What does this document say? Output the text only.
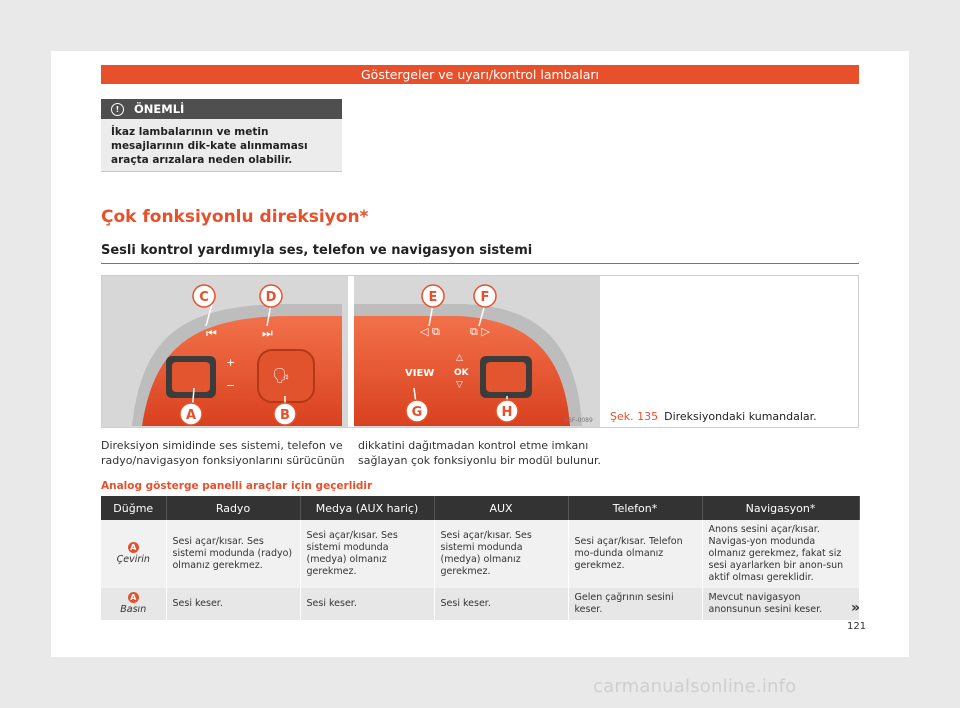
Göstergeler ve uyarı/kontrol lambaları
!	ÖNEMLİ
İkaz lambalarının ve metin mesajlarının dik-kate alınmaması araçta arızalara neden olabilir.
Çok fonksiyonlu direksiyon*
Sesli kontrol yardımıyla ses, telefon ve navigasyon sistemi
⏮	⏭
+
−
🗣
C	D
A	B
VIEW OK
△
▽
◁ ⧉	⧉ ▷
E	F
G	H
B6F-0089 Şek. 135 Direksiyondaki kumandalar.
Direksiyon simidinde ses sistemi, telefon ve radyo/navigasyon fonksiyonlarını sürücünün
dikkatini dağıtmadan kontrol etme imkanı sağlayan çok fonksiyonlu bir modül bulunur.
Analog gösterge panelli araçlar için geçerlidir
Düğme	Radyo	Medya (AUX hariç)	AUX	Telefon*	Navigasyon*
A
Çevirin	Sesi açar/kısar. Ses sistemi modunda (radyo) olmanız gerekmez.	Sesi açar/kısar. Ses sistemi modunda (medya) olmanız gerekmez.	Sesi açar/kısar. Ses sistemi modunda (medya) olmanız gerekmez.	Sesi açar/kısar. Telefon mo-dunda olmanız gerekmez.	Anons sesini açar/kısar. Navigas-yon modunda olmanız gerekmez, fakat siz sesi ayarlarken bir anon-sun aktif olması gereklidir.
A
Basın	Sesi keser.	Sesi keser.	Sesi keser.	Gelen çağrının sesini keser.	Mevcut navigasyon anonsunun sesini keser. »
121
carmanualsonline.info
